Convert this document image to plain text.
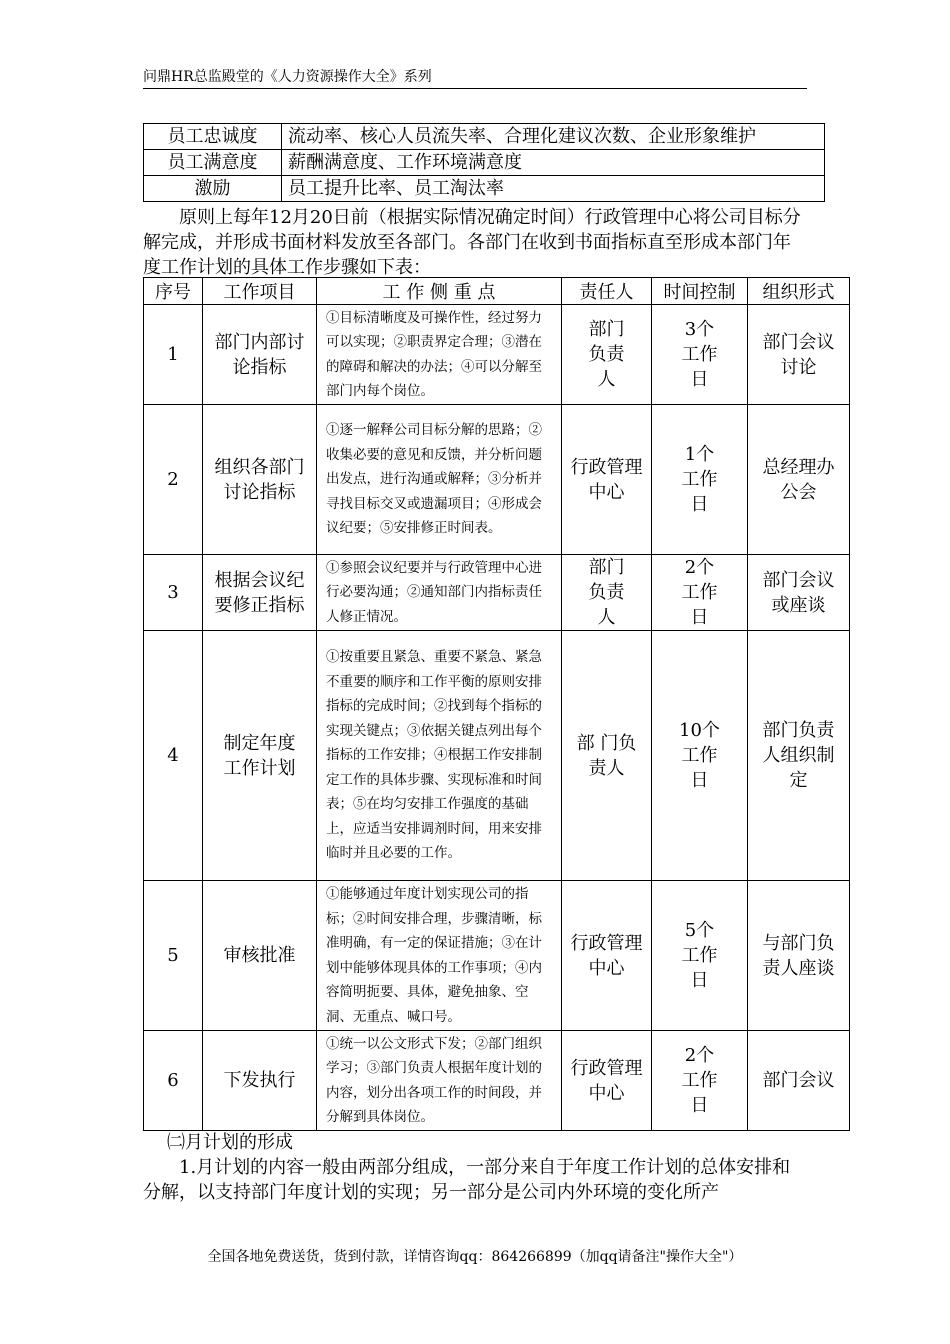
问鼎HR总监殿堂的《人力资源操作大全》系列
员工忠诚度	流动率、核心人员流失率、合理化建议次数、企业形象维护
员工满意度	薪酬满意度、工作环境满意度
激励	员工提升比率、员工淘汰率
原则上每年12月20日前（根据实际情况确定时间）行政管理中心将公司目标分解完成，并形成书面材料发放至各部门。各部门在收到书面指标直至形成本部门年度工作计划的具体工作步骤如下表：
序号	工作项目	工 作 侧 重 点	责任人	时间控制	组织形式
1	部门内部讨论指标	①目标清晰度及可操作性，经过努力可以实现；②职责界定合理；③潜在的障碍和解决的办法；④可以分解至部门内每个岗位。	部门负责人	3个工作日	部门会议讨论

2	组织各部门讨论指标	①逐一解释公司目标分解的思路；②收集必要的意见和反馈，并分析问题出发点，进行沟通或解释；③分析并寻找目标交叉或遗漏项目；④形成会议纪要；⑤安排修正时间表。	行政管理中心	1个工作日	总经理办公会

3	根据会议纪要修正指标	①参照会议纪要并与行政管理中心进行必要沟通；②通知部门内指标责任人修正情况。	部门负责人	2个工作日	部门会议或座谈

4	制定年度工作计划	①按重要且紧急、重要不紧急、紧急不重要的顺序和工作平衡的原则安排指标的完成时间；②找到每个指标的实现关键点；③依据关键点列出每个指标的工作安排；④根据工作安排制定工作的具体步骤、实现标准和时间表；⑤在均匀安排工作强度的基础上，应适当安排调剂时间，用来安排临时并且必要的工作。	部 门负责人	10个工作日	部门负责人组织制定

5	审核批准	①能够通过年度计划实现公司的指标；②时间安排合理，步骤清晰，标准明确，有一定的保证措施；③在计划中能够体现具体的工作事项；④内容简明扼要、具体，避免抽象、空洞、无重点、喊口号。	行政管理中心	5个工作日	与部门负责人座谈

6	下发执行	①统一以公文形式下发；②部门组织学习；③部门负责人根据年度计划的内容，划分出各项工作的时间段，并分解到具体岗位。	行政管理中心	2个工作日	部门会议
㈡月计划的形成
1.月计划的内容一般由两部分组成，一部分来自于年度工作计划的总体安排和分解，以支持部门年度计划的实现；另一部分是公司内外环境的变化所产
全国各地免费送货，货到付款，详情咨询qq：864266899（加qq请备注"操作大全"）
